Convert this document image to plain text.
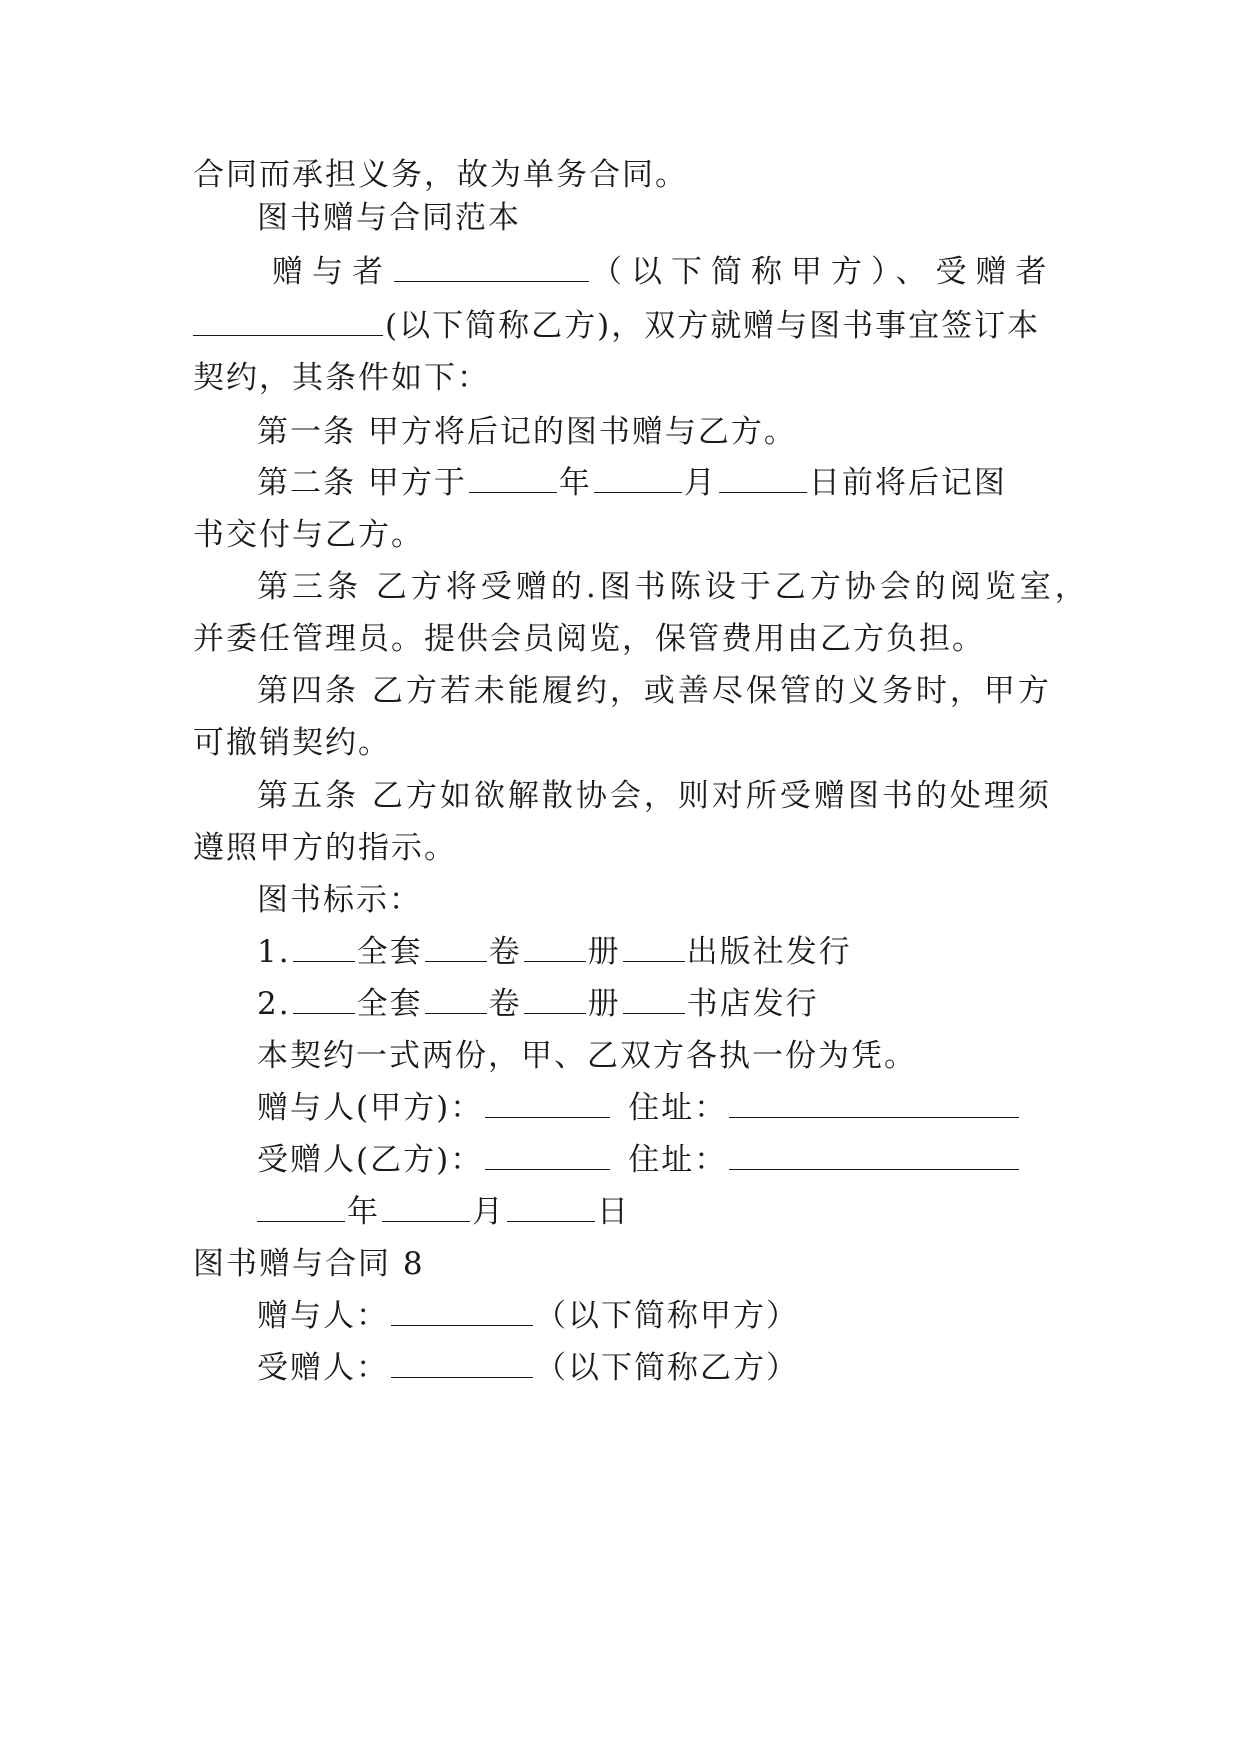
合同而承担义务，故为单务合同。
图书赠与合同范本
赠与者	（以下简称甲方）、受赠者
(以下简称乙方)，双方就赠与图书事宜签订本
契约，其条件如下：
第一条 甲方将后记的图书赠与乙方。
第二条 甲方于	年	月	日前将后记图
书交付与乙方。
第三条 乙方将受赠的.图书陈设于乙方协会的阅览室，
并委任管理员。提供会员阅览，保管费用由乙方负担。
第四条 乙方若未能履约，或善尽保管的义务时，甲方
可撤销契约。
第五条 乙方如欲解散协会，则对所受赠图书的处理须
遵照甲方的指示。
图书标示：
1. 全套 卷 册 出版社发行
2. 全套 卷 册 书店发行
本契约一式两份，甲、乙双方各执一份为凭。
赠与人(甲方)：	住址：
受赠人(乙方)：	住址：
年	月	日
图书赠与合同 8
赠与人：	（以下简称甲方）
受赠人：	（以下简称乙方）
